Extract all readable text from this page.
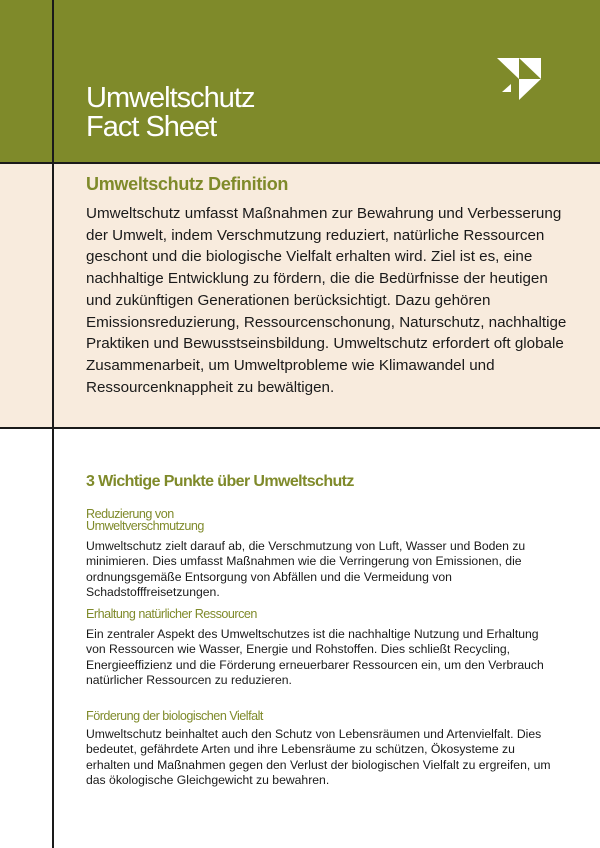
Umweltschutz
Fact Sheet
Umweltschutz Definition

Umweltschutz umfasst Maßnahmen zur Bewahrung und Verbesserung der Umwelt, indem Verschmutzung reduziert, natürliche Ressourcen geschont und die biologische Vielfalt erhalten wird. Ziel ist es, eine nachhaltige Entwicklung zu fördern, die die Bedürfnisse der heutigen und zukünftigen Generationen berücksichtigt. Dazu gehören Emissionsreduzierung, Ressourcenschonung, Naturschutz, nachhaltige Praktiken und Bewusstseinsbildung. Umweltschutz erfordert oft globale Zusammenarbeit, um Umweltprobleme wie Klimawandel und Ressourcenknappheit zu bewältigen.

3 Wichtige Punkte über Umweltschutz
Reduzierung von
Umweltverschmutzung

Umweltschutz zielt darauf ab, die Verschmutzung von Luft, Wasser und Boden zu minimieren. Dies umfasst Maßnahmen wie die Verringerung von Emissionen, die ordnungsgemäße Entsorgung von Abfällen und die Vermeidung von Schadstofffreisetzungen.

Erhaltung natürlicher Ressourcen

Ein zentraler Aspekt des Umweltschutzes ist die nachhaltige Nutzung und Erhaltung von Ressourcen wie Wasser, Energie und Rohstoffen. Dies schließt Recycling, Energieeffizienz und die Förderung erneuerbarer Ressourcen ein, um den Verbrauch natürlicher Ressourcen zu reduzieren.

Förderung der biologischen Vielfalt

Umweltschutz beinhaltet auch den Schutz von Lebensräumen und Artenvielfalt. Dies bedeutet, gefährdete Arten und ihre Lebensräume zu schützen, Ökosysteme zu erhalten und Maßnahmen gegen den Verlust der biologischen Vielfalt zu ergreifen, um das ökologische Gleichgewicht zu bewahren.
